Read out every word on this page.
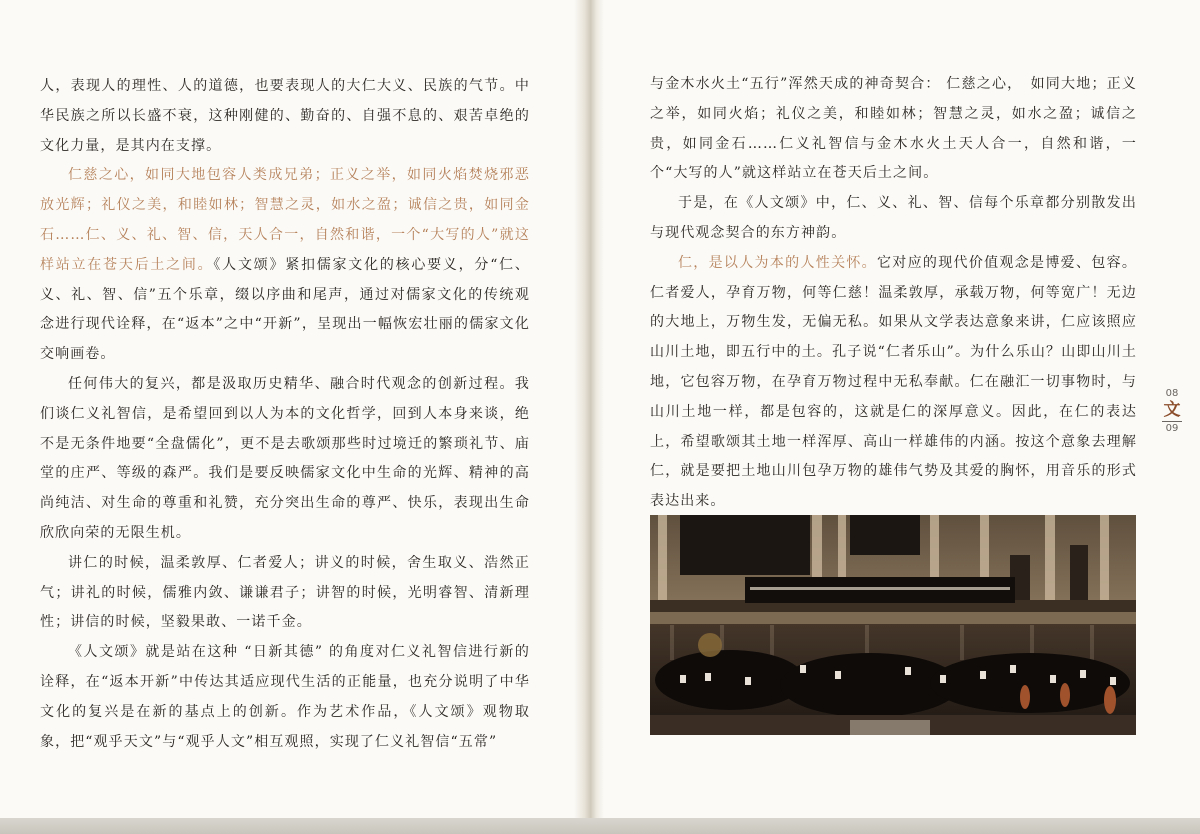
人，表现人的理性、人的道德，也要表现人的大仁大义、民族的气节。中华民族之所以长盛不衰，这种刚健的、勤奋的、自强不息的、艰苦卓绝的文化力量，是其内在支撑。

仁慈之心，如同大地包容人类成兄弟；正义之举，如同火焰焚烧邪恶放光辉；礼仪之美，和睦如林；智慧之灵，如水之盈；诚信之贵，如同金石……仁、义、礼、智、信，天人合一，自然和谐，一个“大写的人”就这样站立在苍天后土之间。《人文颂》紧扣儒家文化的核心要义，分“仁、义、礼、智、信”五个乐章，缀以序曲和尾声，通过对儒家文化的传统观念进行现代诠释，在“返本”之中“开新”，呈现出一幅恢宏壮丽的儒家文化交响画卷。

任何伟大的复兴，都是汲取历史精华、融合时代观念的创新过程。我们谈仁义礼智信，是希望回到以人为本的文化哲学，回到人本身来谈，绝不是无条件地要“全盘儒化”，更不是去歌颂那些时过境迁的繁琐礼节、庙堂的庄严、等级的森严。我们是要反映儒家文化中生命的光辉、精神的高尚纯洁、对生命的尊重和礼赞，充分突出生命的尊严、快乐，表现出生命欣欣向荣的无限生机。

讲仁的时候，温柔敦厚、仁者爱人；讲义的时候，舍生取义、浩然正气；讲礼的时候，儒雅内敛、谦谦君子；讲智的时候，光明睿智、清新理性；讲信的时候，坚毅果敢、一诺千金。

《人文颂》就是站在这种 “日新其德” 的角度对仁义礼智信进行新的诠释，在“返本开新”中传达其适应现代生活的正能量，也充分说明了中华文化的复兴是在新的基点上的创新。作为艺术作品，《人文颂》观物取象，把“观乎天文”与“观乎人文”相互观照，实现了仁义礼智信“五常”

与金木水火土“五行”浑然天成的神奇契合： 仁慈之心，　如同大地；正义之举，如同火焰；礼仪之美，和睦如林；智慧之灵，如水之盈；诚信之贵，如同金石……仁义礼智信与金木水火土天人合一，自然和谐，一个“大写的人”就这样站立在苍天后土之间。

于是，在《人文颂》中，仁、义、礼、智、信每个乐章都分别散发出与现代观念契合的东方神韵。

仁，是以人为本的人性关怀。它对应的现代价值观念是博爱、包容。仁者爱人，孕育万物，何等仁慈！温柔敦厚，承载万物，何等宽广！无边的大地上，万物生发，无偏无私。如果从文学表达意象来讲，仁应该照应山川土地，即五行中的土。孔子说“仁者乐山”。为什么乐山？山即山川土地，它包容万物，在孕育万物过程中无私奉献。仁在融汇一切事物时，与山川土地一样，都是包容的，这就是仁的深厚意义。因此，在仁的表达上，希望歌颂其土地一样浑厚、高山一样雄伟的内涵。按这个意象去理解仁，就是要把土地山川包孕万物的雄伟气势及其爱的胸怀，用音乐的形式表达出来。

08
文
09
